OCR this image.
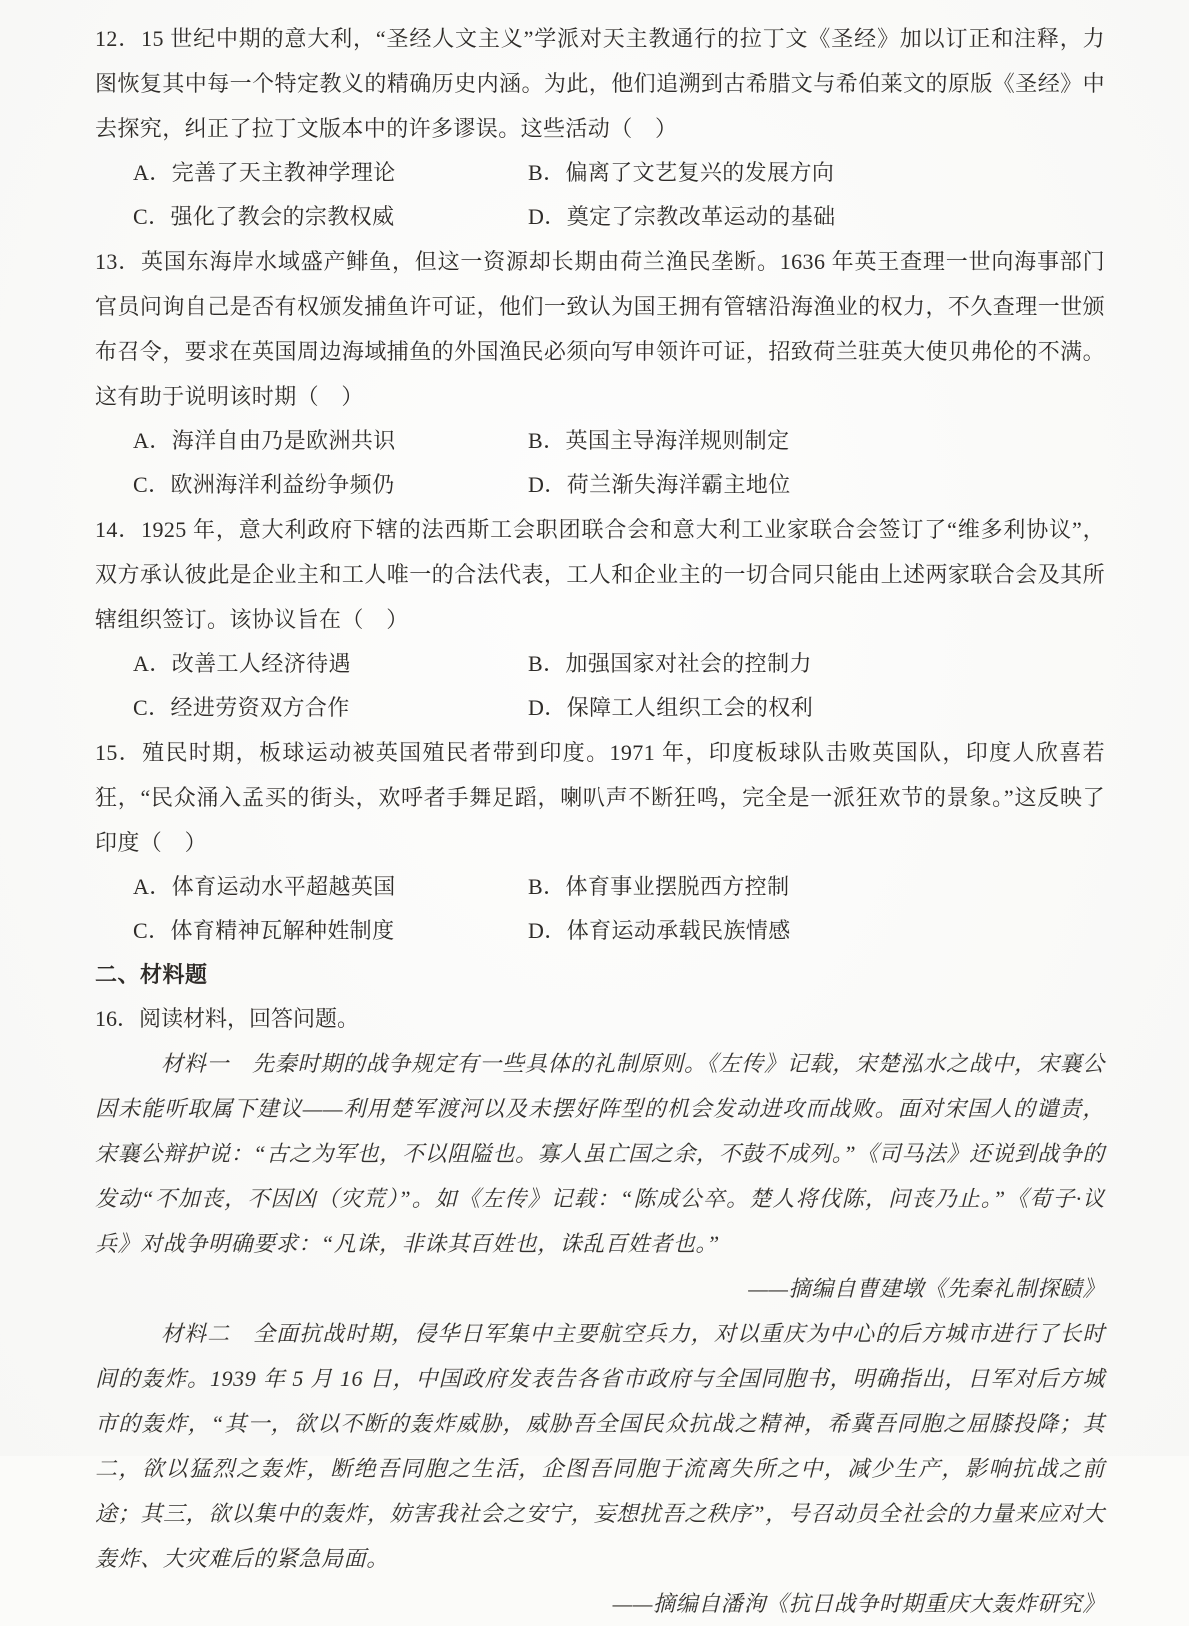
12．15 世纪中期的意大利，“圣经人文主义”学派对天主教通行的拉丁文《圣经》加以订正和注释，力图恢复其中每一个特定教义的精确历史内涵。为此，他们追溯到古希腊文与希伯莱文的原版《圣经》中去探究，纠正了拉丁文版本中的许多谬误。这些活动（　）

A．完善了天主教神学理论	B．偏离了文艺复兴的发展方向
C．强化了教会的宗教权威	D．奠定了宗教改革运动的基础

13．英国东海岸水域盛产鲱鱼，但这一资源却长期由荷兰渔民垄断。1636 年英王查理一世向海事部门官员问询自己是否有权颁发捕鱼许可证，他们一致认为国王拥有管辖沿海渔业的权力，不久查理一世颁布召令，要求在英国周边海域捕鱼的外国渔民必须向写申领许可证，招致荷兰驻英大使贝弗伦的不满。这有助于说明该时期（　）

A．海洋自由乃是欧洲共识	B．英国主导海洋规则制定
C．欧洲海洋利益纷争频仍	D．荷兰渐失海洋霸主地位

14．1925 年，意大利政府下辖的法西斯工会职团联合会和意大利工业家联合会签订了“维多利协议”，双方承认彼此是企业主和工人唯一的合法代表，工人和企业主的一切合同只能由上述两家联合会及其所辖组织签订。该协议旨在（　）

A．改善工人经济待遇	B．加强国家对社会的控制力
C．经进劳资双方合作	D．保障工人组织工会的权利

15．殖民时期，板球运动被英国殖民者带到印度。1971 年，印度板球队击败英国队，印度人欣喜若狂，“民众涌入孟买的街头，欢呼者手舞足蹈，喇叭声不断狂鸣，完全是一派狂欢节的景象。”这反映了印度（　）

A．体育运动水平超越英国	B．体育事业摆脱西方控制
C．体育精神瓦解种姓制度	D．体育运动承载民族情感

二、材料题

16．阅读材料，回答问题。

材料一　先秦时期的战争规定有一些具体的礼制原则。《左传》记载，宋楚泓水之战中，宋襄公因未能听取属下建议——利用楚军渡河以及未摆好阵型的机会发动进攻而战败。面对宋国人的谴责，宋襄公辩护说：“古之为军也，不以阻隘也。寡人虽亡国之余，不鼓不成列。”《司马法》还说到战争的发动“不加丧，不因凶（灾荒）”。如《左传》记载：“陈成公卒。楚人将伐陈，问丧乃止。”《荀子·议兵》对战争明确要求：“凡诛，非诛其百姓也，诛乱百姓者也。”

——摘编自曹建墩《先秦礼制探赜》

材料二　全面抗战时期，侵华日军集中主要航空兵力，对以重庆为中心的后方城市进行了长时间的轰炸。1939 年 5 月 16 日，中国政府发表告各省市政府与全国同胞书，明确指出，日军对后方城市的轰炸，“其一，欲以不断的轰炸威胁，威胁吾全国民众抗战之精神，希冀吾同胞之屈膝投降；其二，欲以猛烈之轰炸，断绝吾同胞之生活，企图吾同胞于流离失所之中，减少生产，影响抗战之前途；其三，欲以集中的轰炸，妨害我社会之安宁，妄想扰吾之秩序”，号召动员全社会的力量来应对大轰炸、大灾难后的紧急局面。

——摘编自潘洵《抗日战争时期重庆大轰炸研究》
